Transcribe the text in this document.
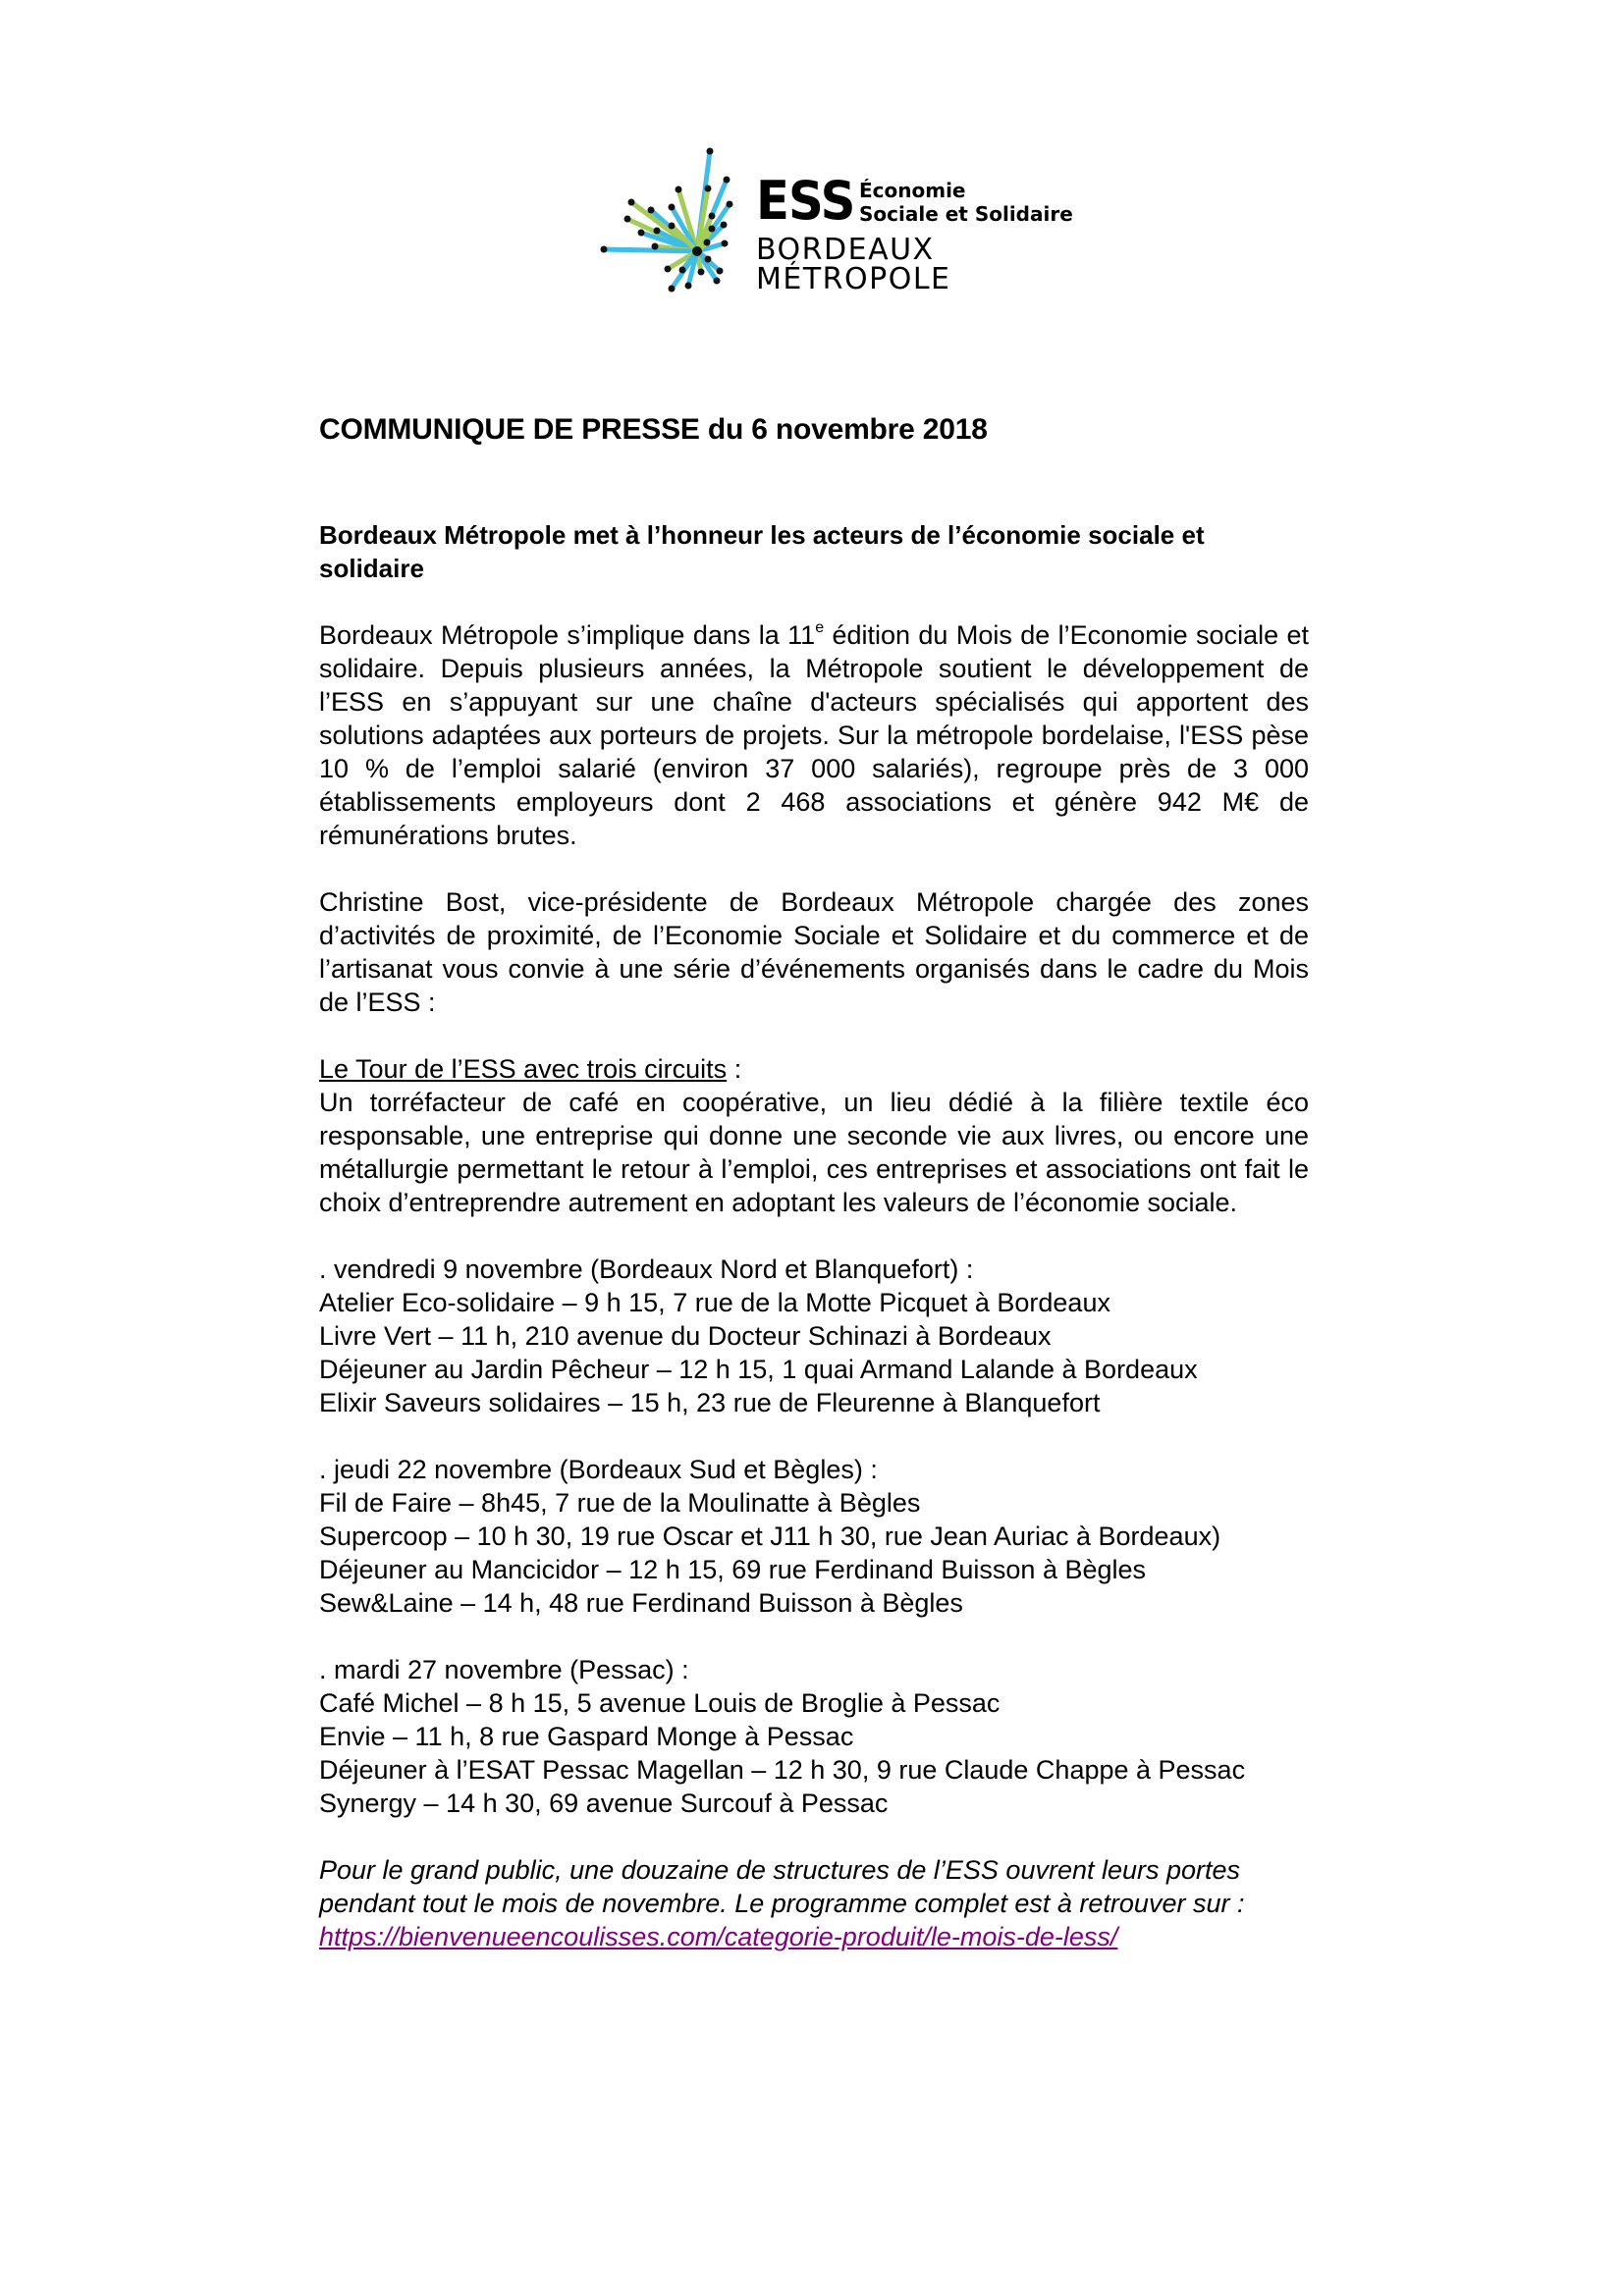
ESS Économie
Sociale et Solidaire
BORDEAUX MÉTROPOLE
COMMUNIQUE DE PRESSE du 6 novembre 2018
Bordeaux Métropole met à l’honneur les acteurs de l’économie sociale et solidaire

Bordeaux Métropole s’implique dans la 11e édition du Mois de l’Economie sociale et solidaire. Depuis plusieurs années, la Métropole soutient le développement de l’ESS en s’appuyant sur une chaîne d'acteurs spécialisés qui apportent des solutions adaptées aux porteurs de projets. Sur la métropole bordelaise, l'ESS pèse 10 % de l’emploi salarié (environ 37 000 salariés), regroupe près de 3 000 établissements employeurs dont 2 468 associations et génère 942 M€ de rémunérations brutes.

Christine Bost, vice-présidente de Bordeaux Métropole chargée des zones d’activités de proximité, de l’Economie Sociale et Solidaire et du commerce et de l’artisanat vous convie à une série d’événements organisés dans le cadre du Mois de l’ESS :

Le Tour de l’ESS avec trois circuits :

Un torréfacteur de café en coopérative, un lieu dédié à la filière textile éco responsable, une entreprise qui donne une seconde vie aux livres, ou encore une métallurgie permettant le retour à l’emploi, ces entreprises et associations ont fait le choix d’entreprendre autrement en adoptant les valeurs de l’économie sociale.

. vendredi 9 novembre (Bordeaux Nord et Blanquefort) :

Atelier Eco-solidaire – 9 h 15, 7 rue de la Motte Picquet à Bordeaux

Livre Vert – 11 h, 210 avenue du Docteur Schinazi à Bordeaux

Déjeuner au Jardin Pêcheur – 12 h 15, 1 quai Armand Lalande à Bordeaux

Elixir Saveurs solidaires – 15 h, 23 rue de Fleurenne à Blanquefort

. jeudi 22 novembre (Bordeaux Sud et Bègles) :

Fil de Faire – 8h45, 7 rue de la Moulinatte à Bègles

Supercoop – 10 h 30, 19 rue Oscar et J11 h 30, rue Jean Auriac à Bordeaux)

Déjeuner au Mancicidor – 12 h 15, 69 rue Ferdinand Buisson à Bègles

Sew&Laine – 14 h, 48 rue Ferdinand Buisson à Bègles

. mardi 27 novembre (Pessac) :

Café Michel – 8 h 15, 5 avenue Louis de Broglie à Pessac

Envie – 11 h, 8 rue Gaspard Monge à Pessac

Déjeuner à l’ESAT Pessac Magellan – 12 h 30, 9 rue Claude Chappe à Pessac

Synergy – 14 h 30, 69 avenue Surcouf à Pessac

Pour le grand public, une douzaine de structures de l’ESS ouvrent leurs portes pendant tout le mois de novembre. Le programme complet est à retrouver sur :

https://bienvenueencoulisses.com/categorie-produit/le-mois-de-less/
